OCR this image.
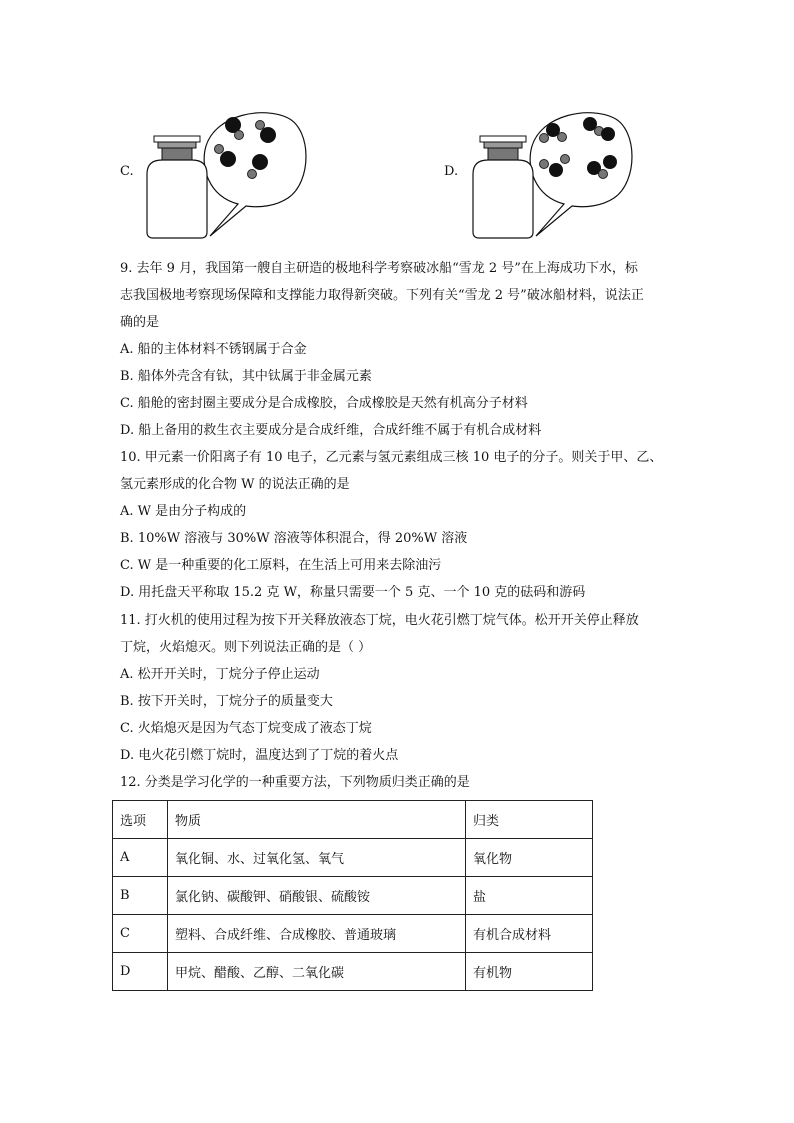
C.	D.
9. 去年 9 月，我国第一艘自主研造的极地科学考察破冰船“雪龙 2 号”在上海成功下水，标
志我国极地考察现场保障和支撑能力取得新突破。下列有关“雪龙 2 号”破冰船材料，说法正
确的是
A. 船的主体材料不锈钢属于合金
B. 船体外壳含有钛，其中钛属于非金属元素
C. 船舱的密封圈主要成分是合成橡胶，合成橡胶是天然有机高分子材料
D. 船上备用的救生衣主要成分是合成纤维，合成纤维不属于有机合成材料
10. 甲元素一价阳离子有 10 电子，乙元素与氢元素组成三核 10 电子的分子。则关于甲、乙、
氢元素形成的化合物 W 的说法正确的是
A. W 是由分子构成的
B. 10%W 溶液与 30%W 溶液等体积混合，得 20%W 溶液
C. W 是一种重要的化工原料，在生活上可用来去除油污
D. 用托盘天平称取 15.2 克 W，称量只需要一个 5 克、一个 10 克的砝码和游码
11. 打火机的使用过程为按下开关释放液态丁烷，电火花引燃丁烷气体。松开开关停止释放
丁烷，火焰熄灭。则下列说法正确的是（ ）
A. 松开开关时，丁烷分子停止运动
B. 按下开关时，丁烷分子的质量变大
C. 火焰熄灭是因为气态丁烷变成了液态丁烷
D. 电火花引燃丁烷时，温度达到了丁烷的着火点
12. 分类是学习化学的一种重要方法，下列物质归类正确的是
选项	物质	归类
A	氧化铜、水、过氧化氢、氧气	氧化物
B	氯化钠、碳酸钾、硝酸银、硫酸铵	盐
C	塑料、合成纤维、合成橡胶、普通玻璃	有机合成材料
D	甲烷、醋酸、乙醇、二氧化碳	有机物
